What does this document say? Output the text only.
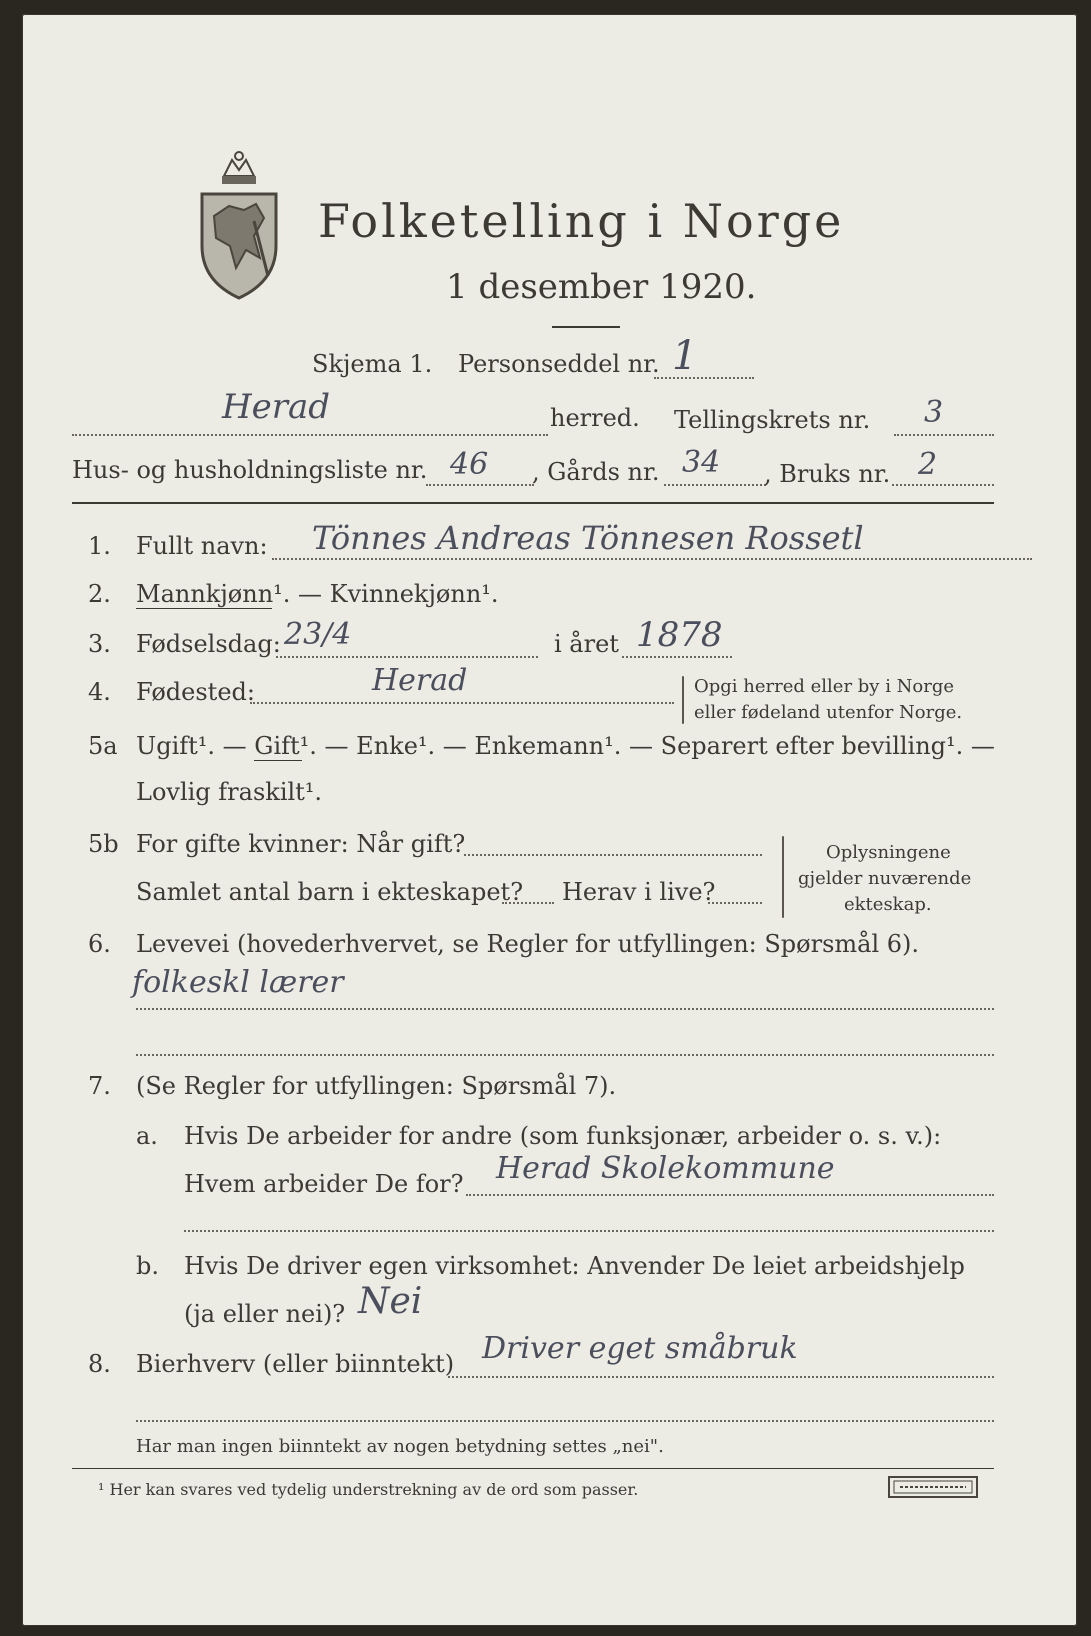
Folketelling i Norge
1 desember 1920.
Skjema 1. Personseddel nr. 1
Herad	herred. Tellingskrets nr. 3
Hus- og husholdningsliste nr. 46 , Gårds nr. 34 , Bruks nr. 2
1. Fullt navn: Tönnes Andreas Tönnesen Rossetl
2. Mannkjønn¹. — Kvinnekjønn¹.
3. Fødselsdag: 23/4	i året 1878
4. Fødested:	Herad	Opgi herred eller by i Norge
eller fødeland utenfor Norge.
5a Ugift¹. — Gift¹. — Enke¹. — Enkemann¹. — Separert efter bevilling¹. —
Lovlig fraskilt¹.
5b For gifte kvinner: Når gift?
Samlet antal barn i ekteskapet? Herav i live?
Oplysningene
gjelder nuværende
ekteskap.
6. Levevei (hovederhvervet, se Regler for utfyllingen: Spørsmål 6).
folkeskl lærer
7. (Se Regler for utfyllingen: Spørsmål 7).
a. Hvis De arbeider for andre (som funksjonær, arbeider o. s. v.):
Hvem arbeider De for? Herad Skolekommune
b. Hvis De driver egen virksomhet: Anvender De leiet arbeidshjelp
(ja eller nei)? Nei
8. Bierhverv (eller biinntekt) Driver eget småbruk
Har man ingen biinntekt av nogen betydning settes „nei".
¹ Her kan svares ved tydelig understrekning av de ord som passer.
